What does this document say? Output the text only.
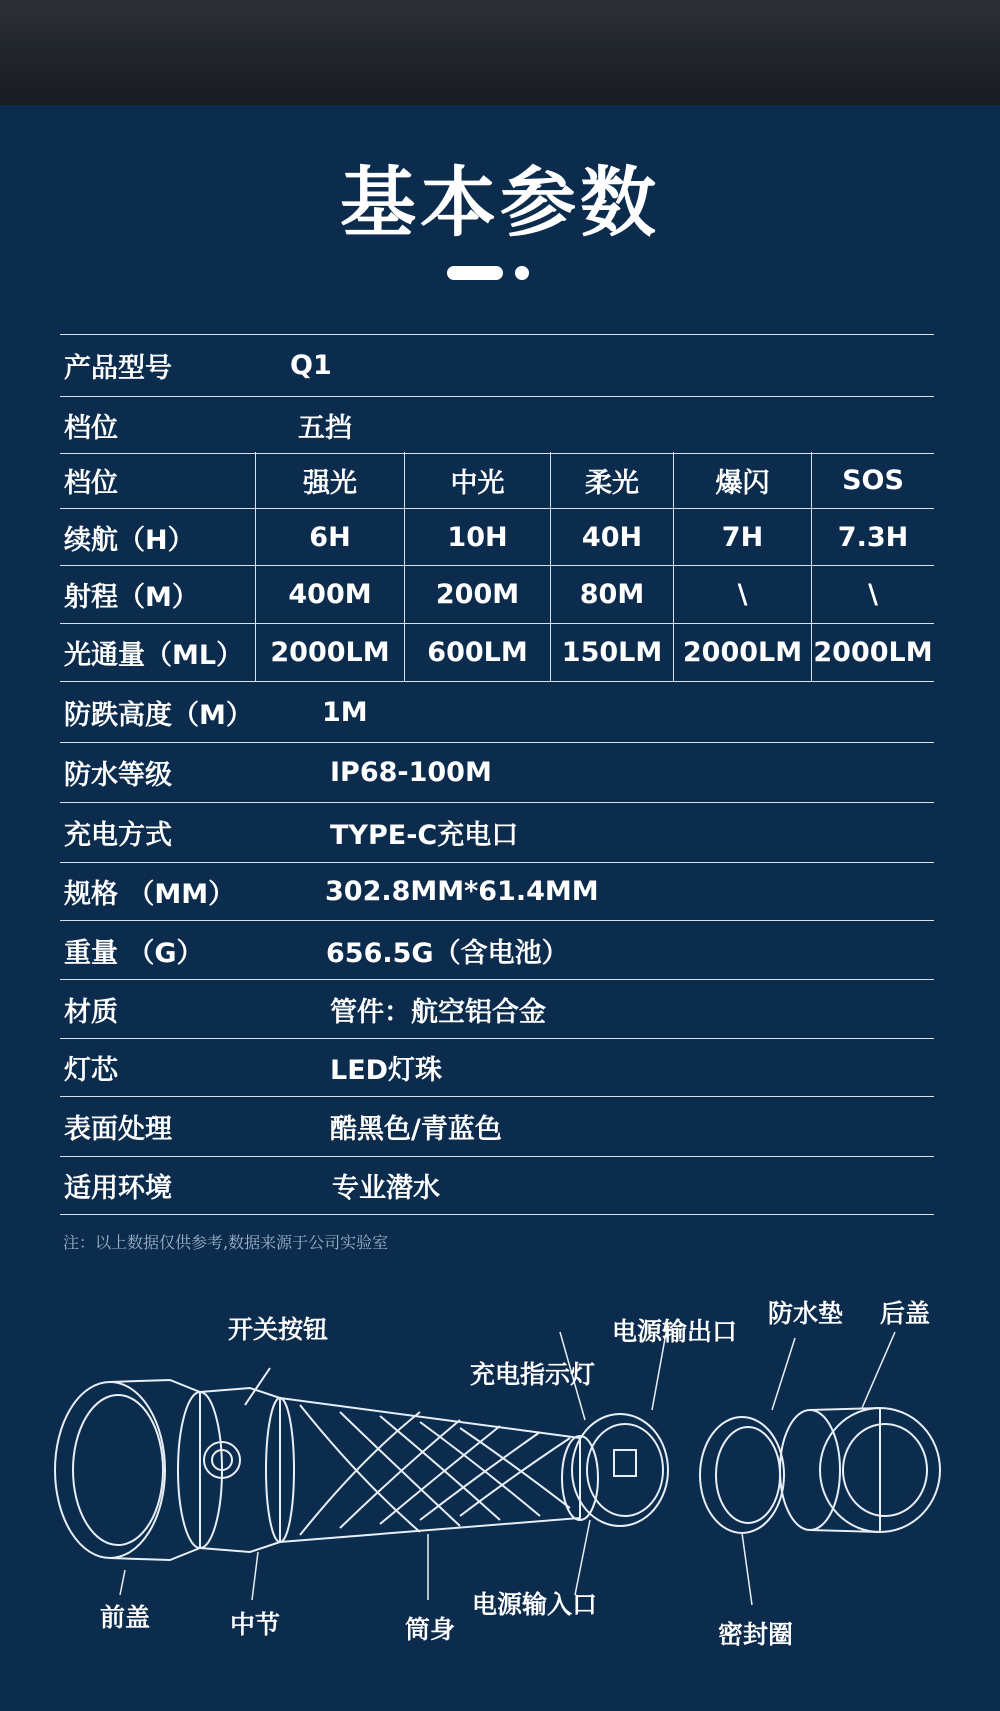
基本参数
产品型号	Q1
档位	五挡
档位	强光	中光	柔光	爆闪	SOS
续航（H）	6H	10H	40H	7H	7.3H
射程（M）	400M	200M	80M	\	\
光通量（ML）	2000LM	600LM	150LM 2000LM 2000LM
防跌高度（M）	1M
防水等级	IP68-100M
充电方式	TYPE-C充电口
规格 （MM）	302.8MM*61.4MM
重量 （G）	656.5G（含电池）
材质	管件：航空铝合金
灯芯	LED灯珠
表面处理	酷黑色/青蓝色
适用环境	专业潜水
注：以上数据仅供参考,数据来源于公司实验室
开关按钮
充电指示灯
电源输出口
防水垫 后盖
前盖	中节	筒身
电源输入口
密封圈
